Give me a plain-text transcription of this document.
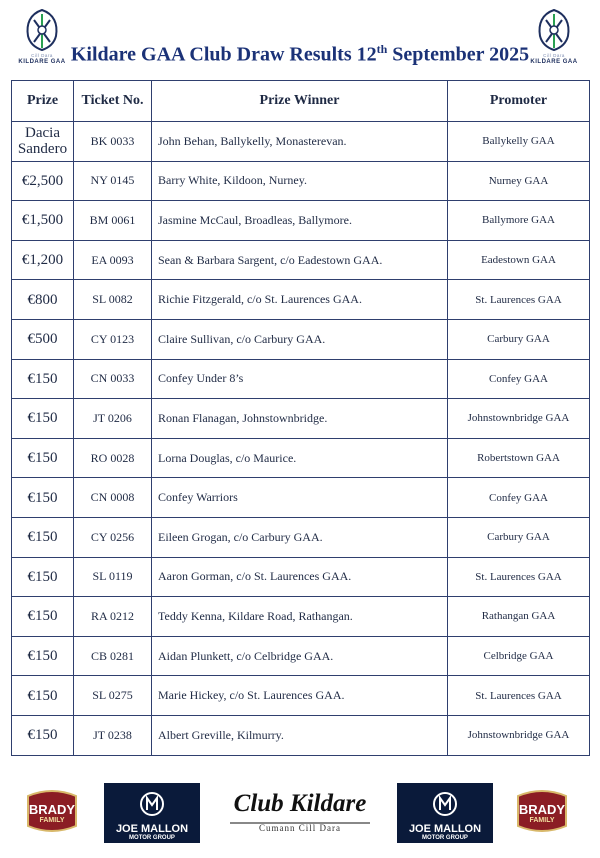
Cill Dara
KILDARE GAA Kildare GAA Club Draw Results 12th September 2025	Cill Dara
KILDARE GAA
Prize	Ticket No.	Prize Winner	Promoter

Dacia
Sandero	BK 0033	John Behan, Ballykelly, Monasterevan.	Ballykelly GAA

€2,500	NY 0145	Barry White, Kildoon, Nurney.	Nurney GAA

€1,500	BM 0061	Jasmine McCaul, Broadleas, Ballymore.	Ballymore GAA

€1,200	EA 0093	Sean & Barbara Sargent, c/o Eadestown GAA.	Eadestown GAA

€800	SL 0082	Richie Fitzgerald, c/o St. Laurences GAA.	St. Laurences GAA

€500	CY 0123	Claire Sullivan, c/o Carbury GAA.	Carbury GAA

€150	CN 0033	Confey Under 8’s	Confey GAA

€150	JT 0206	Ronan Flanagan, Johnstownbridge.	Johnstownbridge GAA

€150	RO 0028	Lorna Douglas, c/o Maurice.	Robertstown GAA

€150	CN 0008	Confey Warriors	Confey GAA

€150	CY 0256	Eileen Grogan, c/o Carbury GAA.	Carbury GAA

€150	SL 0119	Aaron Gorman, c/o St. Laurences GAA.	St. Laurences GAA

€150	RA 0212	Teddy Kenna, Kildare Road, Rathangan.	Rathangan GAA

€150	CB 0281	Aidan Plunkett, c/o Celbridge GAA.	Celbridge GAA

€150	SL 0275	Marie Hickey, c/o St. Laurences GAA.	St. Laurences GAA

€150	JT 0238	Albert Greville, Kilmurry.	Johnstownbridge GAA
BRADY
FAMILY
JOE MALLON
MOTOR GROUP
Club Kildare
Cumann Cill Dara	JOE MALLON
MOTOR GROUP
BRADY
FAMILY
